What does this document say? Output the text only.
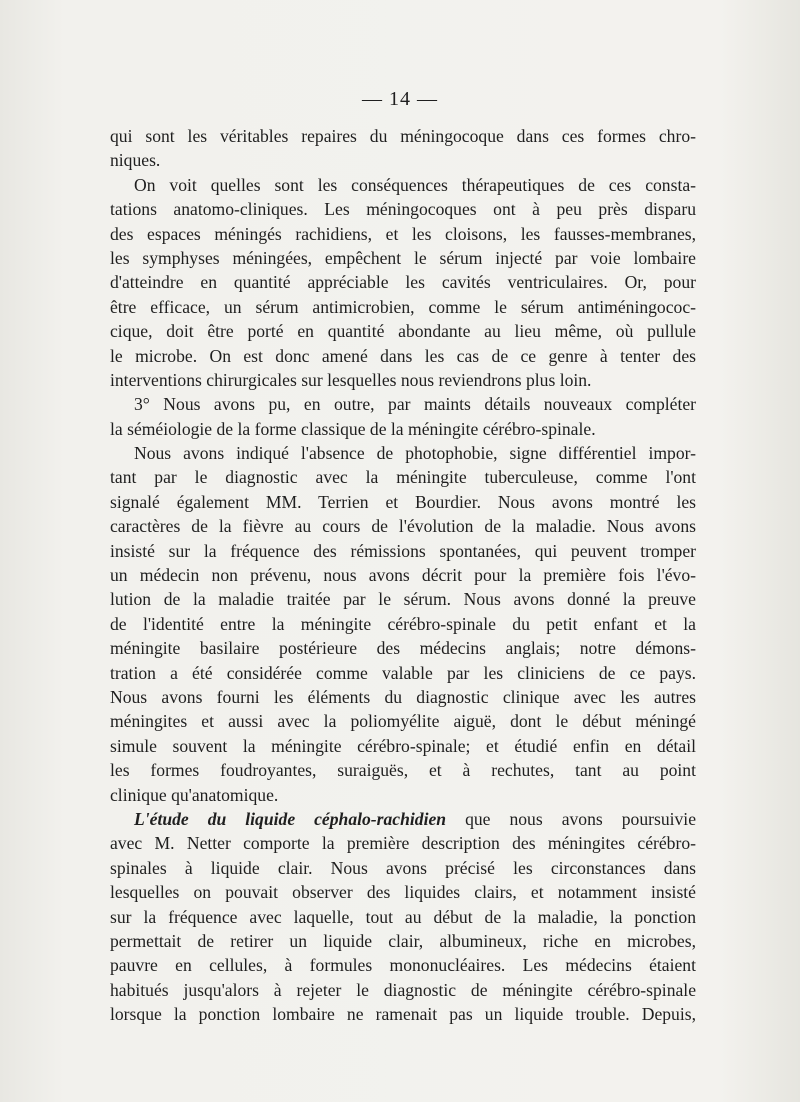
— 14 —
qui sont les véritables repaires du méningocoque dans ces formes chro-
niques.
On voit quelles sont les conséquences thérapeutiques de ces consta-
tations anatomo-cliniques. Les méningocoques ont à peu près disparu
des espaces méningés rachidiens, et les cloisons, les fausses-membranes,
les symphyses méningées, empêchent le sérum injecté par voie lombaire
d'atteindre en quantité appréciable les cavités ventriculaires. Or, pour
être efficace, un sérum antimicrobien, comme le sérum antiméningococ-
cique, doit être porté en quantité abondante au lieu même, où pullule
le microbe. On est donc amené dans les cas de ce genre à tenter des
interventions chirurgicales sur lesquelles nous reviendrons plus loin.
3° Nous avons pu, en outre, par maints détails nouveaux compléter
la séméiologie de la forme classique de la méningite cérébro-spinale.
Nous avons indiqué l'absence de photophobie, signe différentiel impor-
tant par le diagnostic avec la méningite tuberculeuse, comme l'ont
signalé également MM. Terrien et Bourdier. Nous avons montré les
caractères de la fièvre au cours de l'évolution de la maladie. Nous avons
insisté sur la fréquence des rémissions spontanées, qui peuvent tromper
un médecin non prévenu, nous avons décrit pour la première fois l'évo-
lution de la maladie traitée par le sérum. Nous avons donné la preuve
de l'identité entre la méningite cérébro-spinale du petit enfant et la
méningite basilaire postérieure des médecins anglais; notre démons-
tration a été considérée comme valable par les cliniciens de ce pays.
Nous avons fourni les éléments du diagnostic clinique avec les autres
méningites et aussi avec la poliomyélite aiguë, dont le début méningé
simule souvent la méningite cérébro-spinale; et étudié enfin en détail
les formes foudroyantes, suraiguës, et à rechutes, tant au point
clinique qu'anatomique.
L'étude du liquide céphalo-rachidien que nous avons poursuivie
avec M. Netter comporte la première description des méningites cérébro-
spinales à liquide clair. Nous avons précisé les circonstances dans
lesquelles on pouvait observer des liquides clairs, et notamment insisté
sur la fréquence avec laquelle, tout au début de la maladie, la ponction
permettait de retirer un liquide clair, albumineux, riche en microbes,
pauvre en cellules, à formules mononucléaires. Les médecins étaient
habitués jusqu'alors à rejeter le diagnostic de méningite cérébro-spinale
lorsque la ponction lombaire ne ramenait pas un liquide trouble. Depuis,
